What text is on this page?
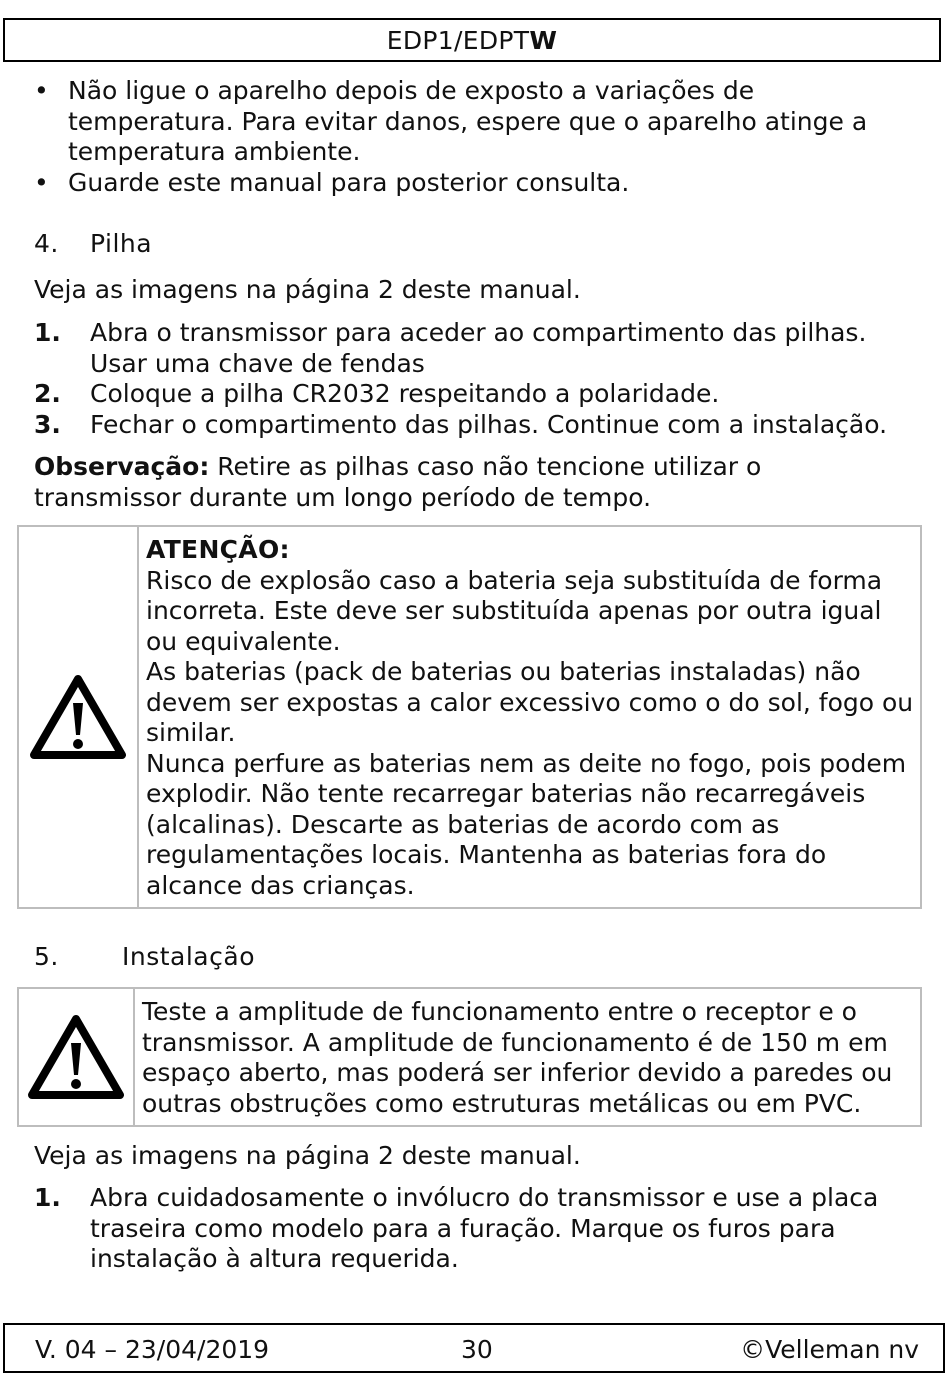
EDP1/EDPT W
• Não ligue o aparelho depois de exposto a variações de temperatura. Para evitar danos, espere que o aparelho atinge a temperatura ambiente.
• Guarde este manual para posterior consulta.
4. Pilha
Veja as imagens na página 2 deste manual.
1. Abra o transmissor para aceder ao compartimento das pilhas. Usar uma chave de fendas
2. Coloque a pilha CR2032 respeitando a polaridade.
3. Fechar o compartimento das pilhas. Continue com a instalação.
Observação: Retire as pilhas caso não tencione utilizar o transmissor durante um longo período de tempo.
ATENÇÃO:
Risco de explosão caso a bateria seja substituída de forma incorreta. Este deve ser substituída apenas por outra igual ou equivalente.
As baterias (pack de baterias ou baterias instaladas) não devem ser expostas a calor excessivo como o do sol, fogo ou similar.
Nunca perfure as baterias nem as deite no fogo, pois podem explodir. Não tente recarregar baterias não recarregáveis (alcalinas). Descarte as baterias de acordo com as regulamentações locais. Mantenha as baterias fora do alcance das crianças.
5.	Instalação
Teste a amplitude de funcionamento entre o receptor e o transmissor. A amplitude de funcionamento é de 150 m em espaço aberto, mas poderá ser inferior devido a paredes ou outras obstruções como estruturas metálicas ou em PVC.
Veja as imagens na página 2 deste manual.
1. Abra cuidadosamente o invólucro do transmissor e use a placa traseira como modelo para a furação. Marque os furos para instalação à altura requerida.
V. 04 – 23/04/2019	30	©Velleman nv
